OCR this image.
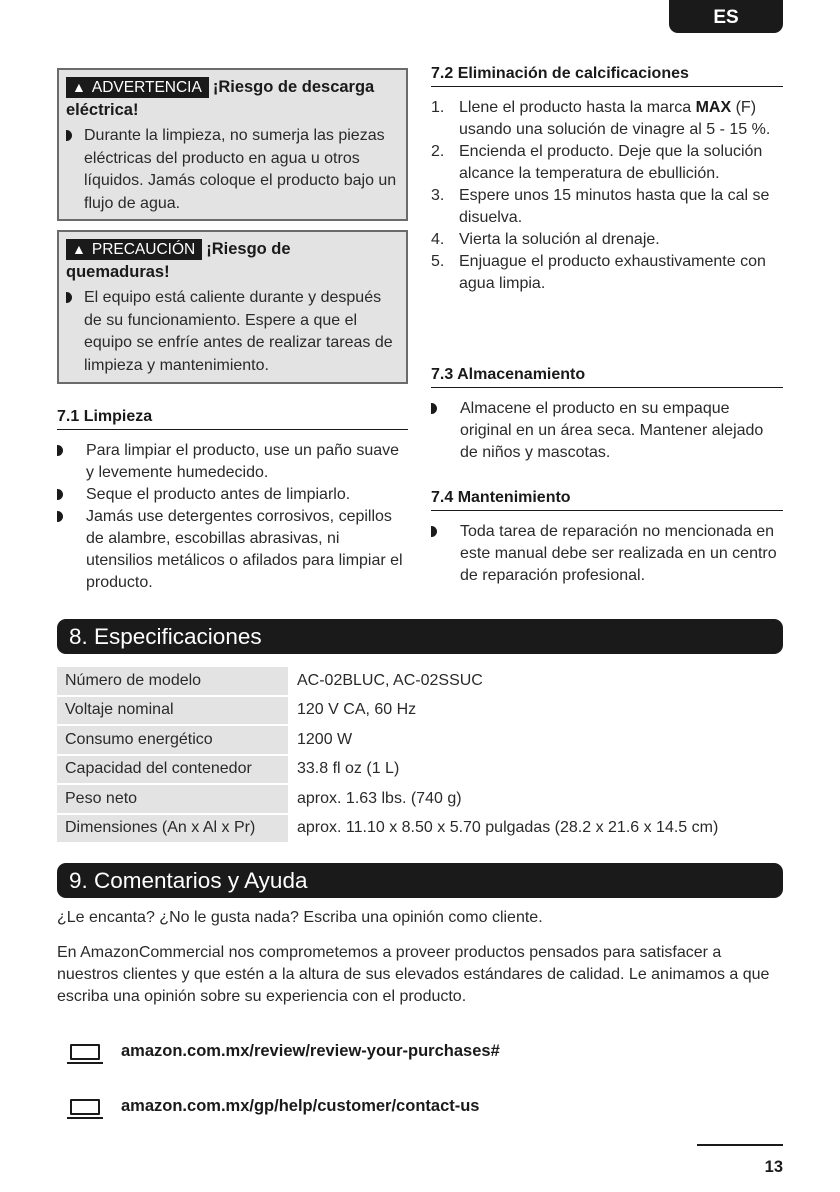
ES
▲ ADVERTENCIA ¡Riesgo de descarga eléctrica!
Durante la limpieza, no sumerja las piezas eléctricas del producto en agua u otros líquidos. Jamás coloque el producto bajo un flujo de agua.
▲ PRECAUCIÓN ¡Riesgo de quemaduras!
El equipo está caliente durante y después de su funcionamiento. Espere a que el equipo se enfríe antes de realizar tareas de limpieza y mantenimiento.
7.1 Limpieza
Para limpiar el producto, use un paño suave y levemente humedecido.
Seque el producto antes de limpiarlo.
Jamás use detergentes corrosivos, cepillos de alambre, escobillas abrasivas, ni utensilios metálicos o afilados para limpiar el producto.
7.2 Eliminación de calcificaciones
1. Llene el producto hasta la marca MAX (F) usando una solución de vinagre al 5 - 15 %.
2. Encienda el producto. Deje que la solución alcance la temperatura de ebullición.
3. Espere unos 15 minutos hasta que la cal se disuelva.
4. Vierta la solución al drenaje.
5. Enjuague el producto exhaustivamente con agua limpia.
7.3 Almacenamiento
Almacene el producto en su empaque original en un área seca. Mantener alejado de niños y mascotas.
7.4 Mantenimiento
Toda tarea de reparación no mencionada en este manual debe ser realizada en un centro de reparación profesional.
8. Especificaciones
Número de modelo	AC-02BLUC, AC-02SSUC
Voltaje nominal	120 V CA, 60 Hz
Consumo energético	1200 W
Capacidad del contenedor	33.8 fl oz (1 L)
Peso neto	aprox. 1.63 lbs. (740 g)
Dimensiones (An x Al x Pr)	aprox. 11.10 x 8.50 x 5.70 pulgadas (28.2 x 21.6 x 14.5 cm)
9. Comentarios y Ayuda
¿Le encanta? ¿No le gusta nada? Escriba una opinión como cliente.
En AmazonCommercial nos comprometemos a proveer productos pensados para satisfacer a nuestros clientes y que estén a la altura de sus elevados estándares de calidad. Le animamos a que escriba una opinión sobre su experiencia con el producto.
amazon.com.mx/review/review-your-purchases#
amazon.com.mx/gp/help/customer/contact-us
13
